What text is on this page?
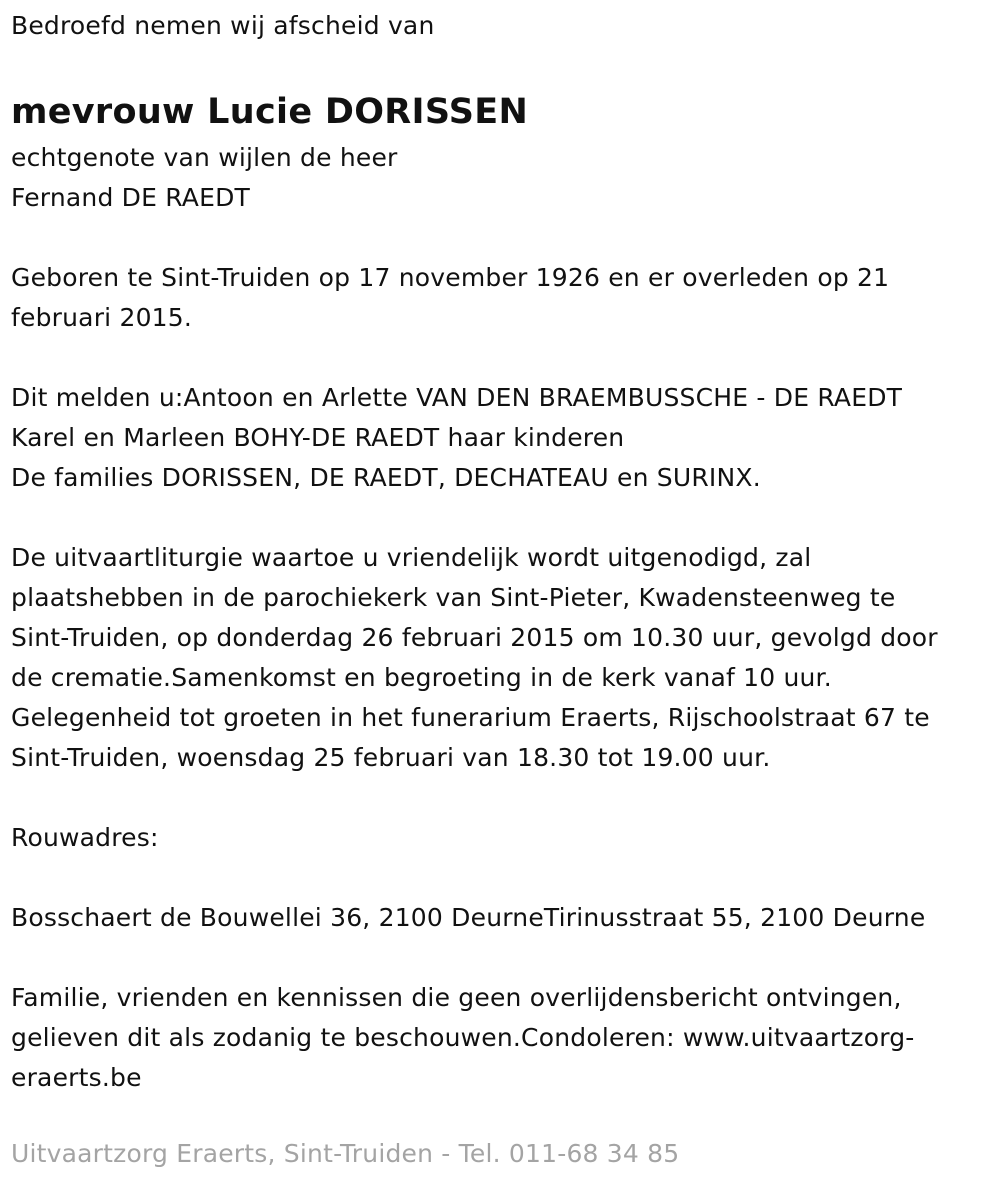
Bedroefd nemen wij afscheid van

mevrouw Lucie DORISSEN

echtgenote van wijlen de heer

Fernand DE RAEDT

Geboren te Sint-Truiden op 17 november 1926 en er overleden op 21

februari 2015.

Dit melden u:Antoon en Arlette VAN DEN BRAEMBUSSCHE - DE RAEDT

Karel en Marleen BOHY-DE RAEDT haar kinderen

De families DORISSEN, DE RAEDT, DECHATEAU en SURINX.

De uitvaartliturgie waartoe u vriendelijk wordt uitgenodigd, zal

plaatshebben in de parochiekerk van Sint-Pieter, Kwadensteenweg te

Sint-Truiden, op donderdag 26 februari 2015 om 10.30 uur, gevolgd door

de crematie.Samenkomst en begroeting in de kerk vanaf 10 uur.

Gelegenheid tot groeten in het funerarium Eraerts, Rijschoolstraat 67 te

Sint-Truiden, woensdag 25 februari van 18.30 tot 19.00 uur.

Rouwadres:

Bosschaert de Bouwellei 36, 2100 DeurneTirinusstraat 55, 2100 Deurne

Familie, vrienden en kennissen die geen overlijdensbericht ontvingen,

gelieven dit als zodanig te beschouwen.Condoleren: www.uitvaartzorg-

eraerts.be

Uitvaartzorg Eraerts, Sint-Truiden - Tel. 011-68 34 85
